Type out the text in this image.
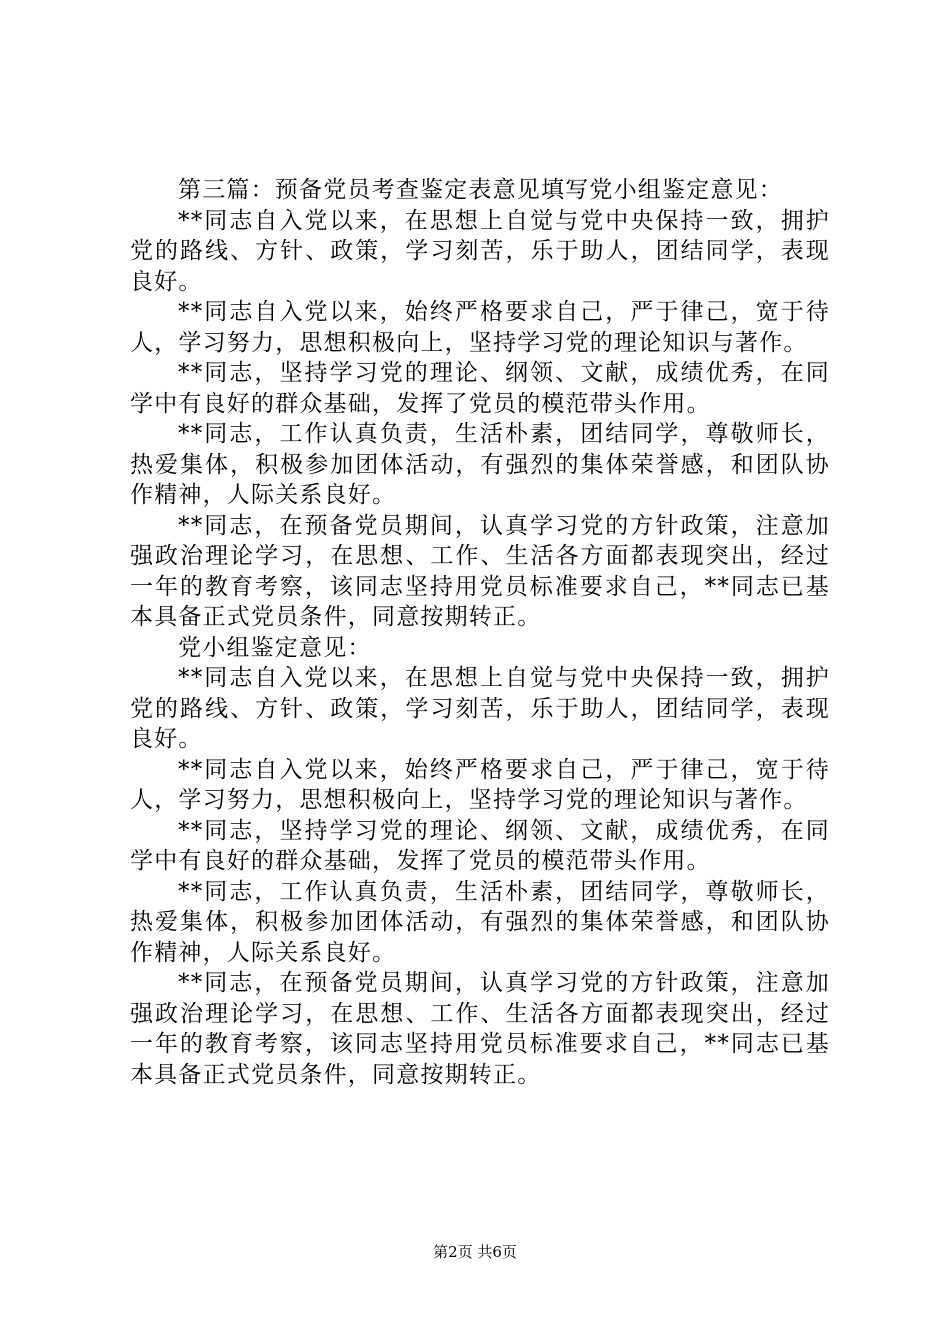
第三篇：预备党员考查鉴定表意见填写党小组鉴定意见：

**同志自入党以来，在思想上自觉与党中央保持一致，拥护党的路线、方针、政策，学习刻苦，乐于助人，团结同学，表现良好。

**同志自入党以来，始终严格要求自己，严于律己，宽于待人，学习努力，思想积极向上，坚持学习党的理论知识与著作。

**同志，坚持学习党的理论、纲领、文献，成绩优秀，在同学中有良好的群众基础，发挥了党员的模范带头作用。

**同志，工作认真负责，生活朴素，团结同学，尊敬师长，热爱集体，积极参加团体活动，有强烈的集体荣誉感，和团队协作精神，人际关系良好。

**同志，在预备党员期间，认真学习党的方针政策，注意加强政治理论学习，在思想、工作、生活各方面都表现突出，经过一年的教育考察，该同志坚持用党员标准要求自己，**同志已基本具备正式党员条件，同意按期转正。

党小组鉴定意见：

**同志自入党以来，在思想上自觉与党中央保持一致，拥护党的路线、方针、政策，学习刻苦，乐于助人，团结同学，表现良好。

**同志自入党以来，始终严格要求自己，严于律己，宽于待人，学习努力，思想积极向上，坚持学习党的理论知识与著作。

**同志，坚持学习党的理论、纲领、文献，成绩优秀，在同学中有良好的群众基础，发挥了党员的模范带头作用。

**同志，工作认真负责，生活朴素，团结同学，尊敬师长，热爱集体，积极参加团体活动，有强烈的集体荣誉感，和团队协作精神，人际关系良好。

**同志，在预备党员期间，认真学习党的方针政策，注意加强政治理论学习，在思想、工作、生活各方面都表现突出，经过一年的教育考察，该同志坚持用党员标准要求自己，**同志已基本具备正式党员条件，同意按期转正。

第2页 共6页
